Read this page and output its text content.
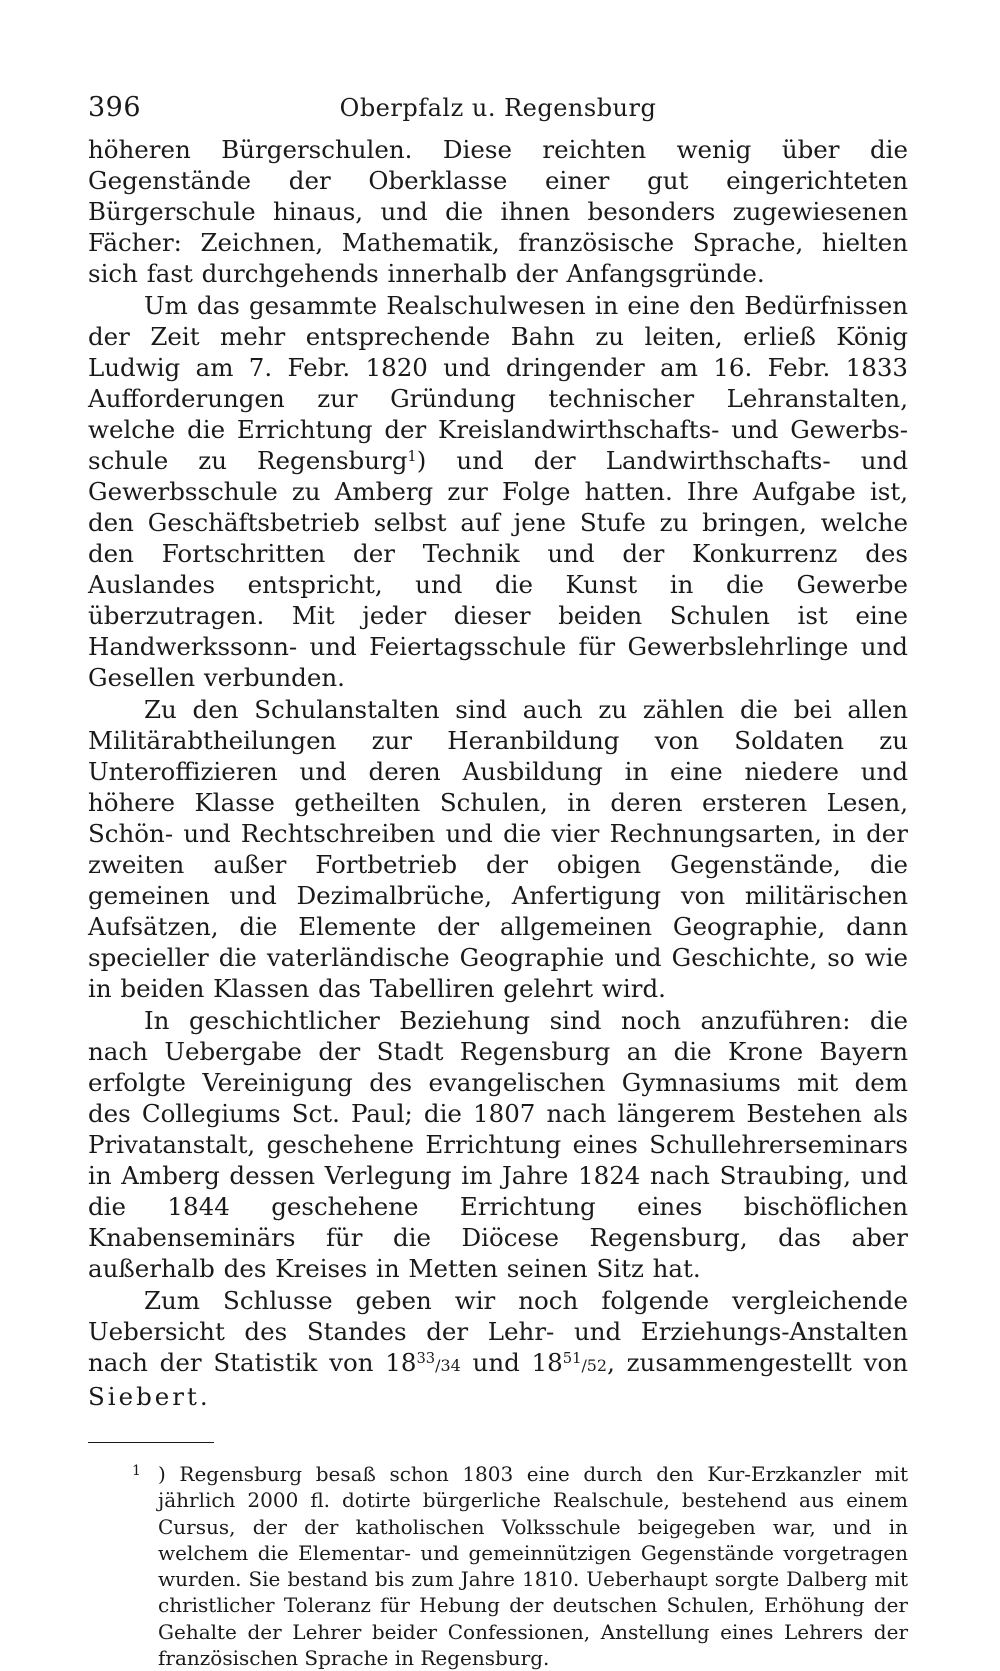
396	Oberpfalz u. Regensburg

höheren Bürgerschulen. Diese reichten wenig über die Gegenstände der Oberklasse einer gut eingerichteten Bürgerschule hinaus, und die ihnen besonders zugewiesenen Fächer: Zeichnen, Mathematik, französische Sprache, hielten sich fast durchgehends innerhalb der Anfangsgründe.

Um das gesammte Realschulwesen in eine den Bedürfnissen der Zeit mehr entsprechende Bahn zu leiten, erließ König Ludwig am 7. Febr. 1820 und dringender am 16. Febr. 1833 Aufforderungen zur Gründung technischer Lehranstalten, welche die Errichtung der Kreislandwirthschafts- und Gewerbsschule zu Regensburg$^1$) und der Landwirthschafts- und Gewerbsschule zu Amberg zur Folge hatten. Ihre Aufgabe ist, den Geschäftsbetrieb selbst auf jene Stufe zu bringen, welche den Fortschritten der Technik und der Konkurrenz des Auslandes entspricht, und die Kunst in die Gewerbe überzutragen. Mit jeder dieser beiden Schulen ist eine Handwerkssonn- und Feiertagsschule für Gewerbslehrlinge und Gesellen verbunden.

Zu den Schulanstalten sind auch zu zählen die bei allen Militärabtheilungen zur Heranbildung von Soldaten zu Unteroffizieren und deren Ausbildung in eine niedere und höhere Klasse getheilten Schulen, in deren ersteren Lesen, Schön- und Rechtschreiben und die vier Rechnungsarten, in der zweiten außer Fortbetrieb der obigen Gegenstände, die gemeinen und Dezimalbrüche, Anfertigung von militärischen Aufsätzen, die Elemente der allgemeinen Geographie, dann specieller die vaterländische Geographie und Geschichte, so wie in beiden Klassen das Tabelliren gelehrt wird.

In geschichtlicher Beziehung sind noch anzuführen: die nach Uebergabe der Stadt Regensburg an die Krone Bayern erfolgte Vereinigung des evangelischen Gymnasiums mit dem des Collegiums Sct. Paul; die 1807 nach längerem Bestehen als Privatanstalt, geschehene Errichtung eines Schullehrerseminars in Amberg dessen Verlegung im Jahre 1824 nach Straubing, und die 1844 geschehene Errichtung eines bischöflichen Knabenseminärs für die Diöcese Regensburg, das aber außerhalb des Kreises in Metten seinen Sitz hat.

Zum Schlusse geben wir noch folgende vergleichende Uebersicht des Standes der Lehr- und Erziehungs-Anstalten nach der Statistik von $18^{33}/34$ und $18^{51}/52$, zusammengestellt von Siebert.

1 ) Regensburg besaß schon 1803 eine durch den Kur-Erzkanzler mit jährlich 2000 fl. dotirte bürgerliche Realschule, bestehend aus einem Cursus, der der katholischen Volksschule beigegeben war, und in welchem die Elementar- und gemeinnützigen Gegenstände vorgetragen wurden. Sie bestand bis zum Jahre 1810. Ueberhaupt sorgte Dalberg mit christlicher Toleranz für Hebung der deutschen Schulen, Erhöhung der Gehalte der Lehrer beider Confessionen, Anstellung eines Lehrers der französischen Sprache in Regensburg.
